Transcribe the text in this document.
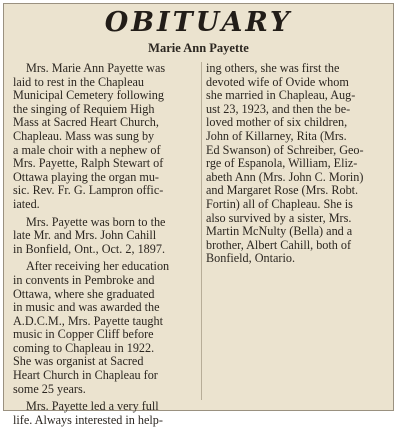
OBITUARY
Marie Ann Payette
Mrs. Marie Ann Payette was
laid to rest in the Chapleau
Municipal Cemetery following
the singing of Requiem High
Mass at Sacred Heart Church,
Chapleau. Mass was sung by
a male choir with a nephew of
Mrs. Payette, Ralph Stewart of
Ottawa playing the organ mu-
sic. Rev. Fr. G. Lampron offic-
iated.
Mrs. Payette was born to the
late Mr. and Mrs. John Cahill
in Bonfield, Ont., Oct. 2, 1897.
After receiving her education
in convents in Pembroke and
Ottawa, where she graduated
in music and was awarded the
A.D.C.M., Mrs. Payette taught
music in Copper Cliff before
coming to Chapleau in 1922.
She was organist at Sacred
Heart Church in Chapleau for
some 25 years.
Mrs. Payette led a very full
life. Always interested in help-
ing others, she was first the
devoted wife of Ovide whom
she married in Chapleau, Aug-
ust 23, 1923, and then the be-
loved mother of six children,
John of Killarney, Rita (Mrs.
Ed Swanson) of Schreiber, Geo-
rge of Espanola, William, Eliz-
abeth Ann (Mrs. John C. Morin)
and Margaret Rose (Mrs. Robt.
Fortin) all of Chapleau. She is
also survived by a sister, Mrs.
Martin McNulty (Bella) and a
brother, Albert Cahill, both of
Bonfield, Ontario.
